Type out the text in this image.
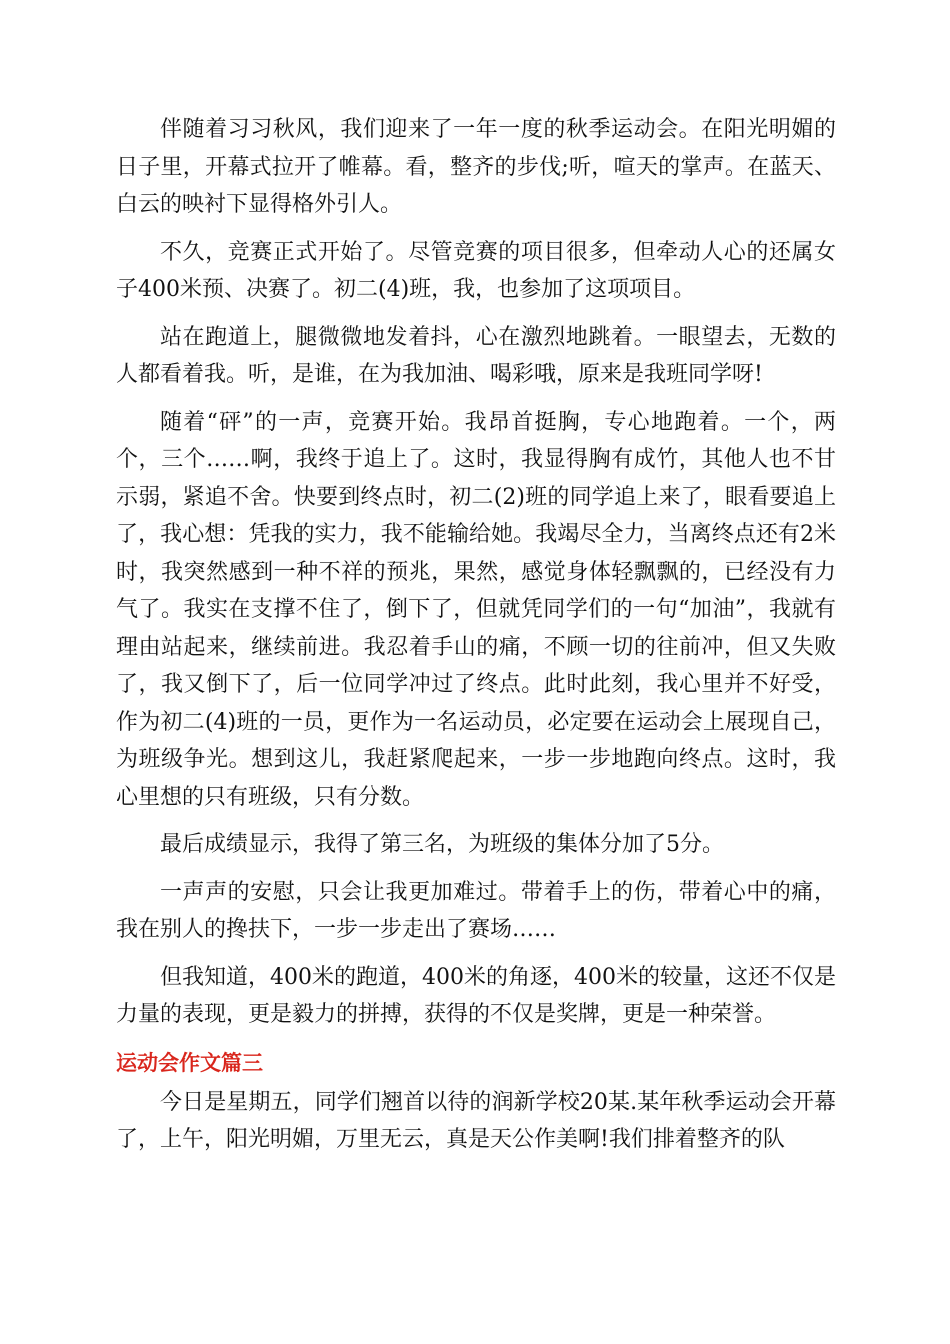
伴随着习习秋风，我们迎来了一年一度的秋季运动会。在阳光明媚的日子里，开幕式拉开了帷幕。看，整齐的步伐;听，喧天的掌声。在蓝天、白云的映衬下显得格外引人。

不久，竞赛正式开始了。尽管竞赛的项目很多，但牵动人心的还属女子400米预、决赛了。初二(4)班，我，也参加了这项项目。

站在跑道上，腿微微地发着抖，心在激烈地跳着。一眼望去，无数的人都看着我。听，是谁，在为我加油、喝彩哦，原来是我班同学呀!

随着“砰”的一声，竞赛开始。我昂首挺胸，专心地跑着。一个，两个，三个……啊，我终于追上了。这时，我显得胸有成竹，其他人也不甘示弱，紧追不舍。快要到终点时，初二(2)班的同学追上来了，眼看要追上了，我心想：凭我的实力，我不能输给她。我竭尽全力，当离终点还有2米时，我突然感到一种不祥的预兆，果然，感觉身体轻飘飘的，已经没有力气了。我实在支撑不住了，倒下了，但就凭同学们的一句“加油”，我就有理由站起来，继续前进。我忍着手山的痛，不顾一切的往前冲，但又失败了，我又倒下了，后一位同学冲过了终点。此时此刻，我心里并不好受，作为初二(4)班的一员，更作为一名运动员，必定要在运动会上展现自己，为班级争光。想到这儿，我赶紧爬起来，一步一步地跑向终点。这时，我心里想的只有班级，只有分数。

最后成绩显示，我得了第三名，为班级的集体分加了5分。

一声声的安慰，只会让我更加难过。带着手上的伤，带着心中的痛，我在别人的搀扶下，一步一步走出了赛场……

但我知道，400米的跑道，400米的角逐，400米的较量，这还不仅是力量的表现，更是毅力的拼搏，获得的不仅是奖牌，更是一种荣誉。

运动会作文篇三

今日是星期五，同学们翘首以待的润新学校20某.某年秋季运动会开幕了，上午，阳光明媚，万里无云，真是天公作美啊!我们排着整齐的队
